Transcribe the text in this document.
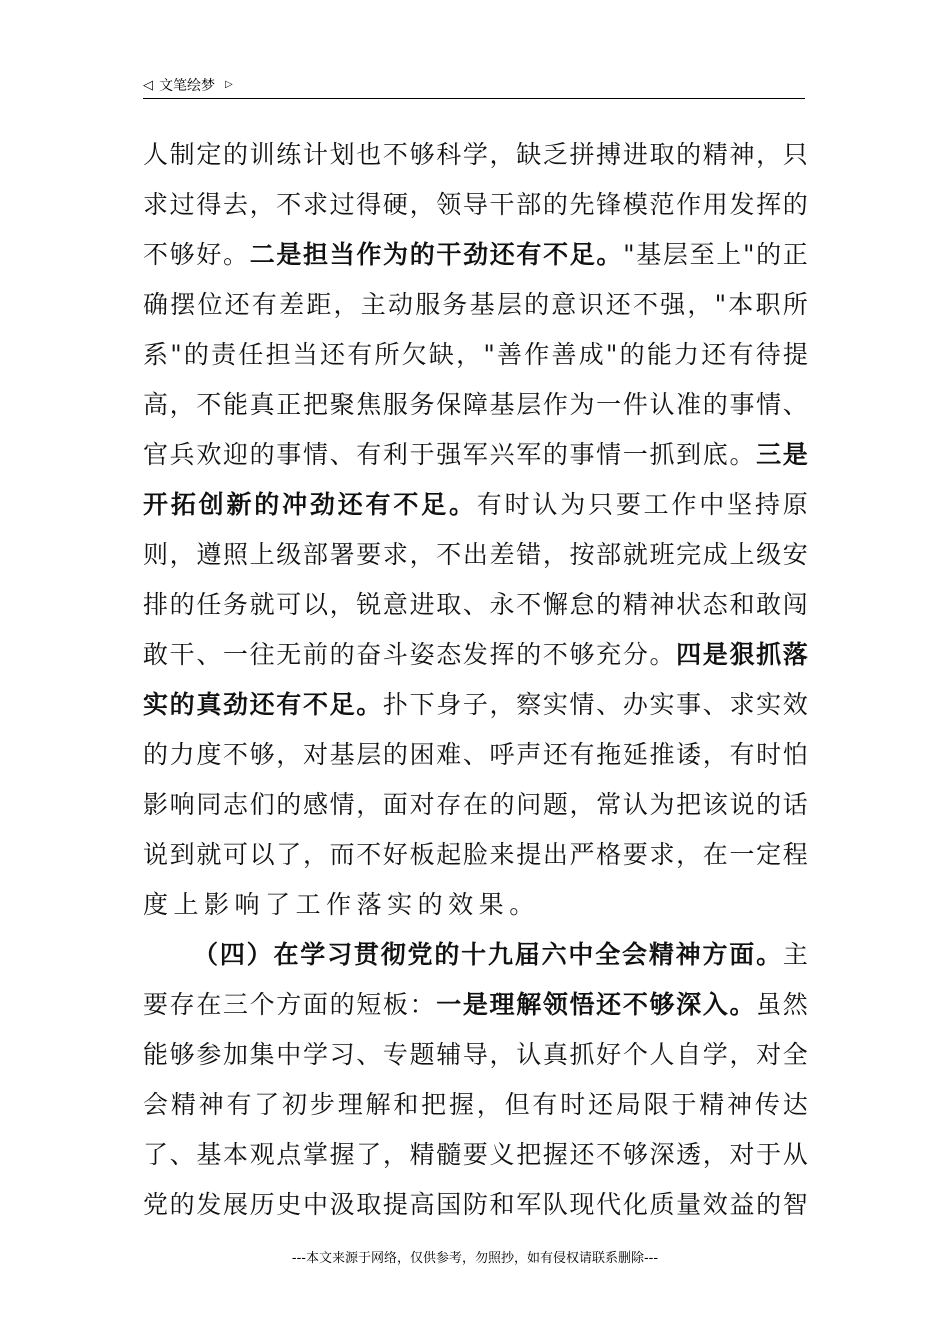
◁ 文笔绘梦 ▷
人 制 定 的 训 练 计 划 也 不 够 科 学 ， 缺 乏 拼 搏 进 取 的 精 神 ， 只
求 过 得 去 ， 不 求 过 得 硬 ， 领 导 干 部 的 先 锋 模 范 作 用 发 挥 的
不 够 好 。 二 是 担 当 作 为 的 干 劲 还 有 不 足 。 " 基 层 至 上 " 的 正
确 摆 位 还 有 差 距 ， 主 动 服 务 基 层 的 意 识 还 不 强 ， " 本 职 所
系 " 的 责 任 担 当 还 有 所 欠 缺 ， " 善 作 善 成 " 的 能 力 还 有 待 提
高 ， 不 能 真 正 把 聚 焦 服 务 保 障 基 层 作 为 一 件 认 准 的 事 情 、
官 兵 欢 迎 的 事 情 、 有 利 于 强 军 兴 军 的 事 情 一 抓 到 底 。 三 是
开 拓 创 新 的 冲 劲 还 有 不 足 。 有 时 认 为 只 要 工 作 中 坚 持 原
则 ， 遵 照 上 级 部 署 要 求 ， 不 出 差 错 ， 按 部 就 班 完 成 上 级 安
排 的 任 务 就 可 以 ， 锐 意 进 取 、 永 不 懈 怠 的 精 神 状 态 和 敢 闯
敢 干 、 一 往 无 前 的 奋 斗 姿 态 发 挥 的 不 够 充 分 。 四 是 狠 抓 落
实 的 真 劲 还 有 不 足 。 扑 下 身 子 ， 察 实 情 、 办 实 事 、 求 实 效
的 力 度 不 够 ， 对 基 层 的 困 难 、 呼 声 还 有 拖 延 推 诿 ， 有 时 怕
影 响 同 志 们 的 感 情 ， 面 对 存 在 的 问 题 ， 常 认 为 把 该 说 的 话
说 到 就 可 以 了 ， 而 不 好 板 起 脸 来 提 出 严 格 要 求 ， 在 一 定 程
度 上 影 响 了 工 作 落 实 的 效 果 。
（ 四 ） 在 学 习 贯 彻 党 的 十 九 届 六 中 全 会 精 神 方 面 。 主
要 存 在 三 个 方 面 的 短 板 ： 一 是 理 解 领 悟 还 不 够 深 入 。 虽 然
能 够 参 加 集 中 学 习 、 专 题 辅 导 ， 认 真 抓 好 个 人 自 学 ， 对 全
会 精 神 有 了 初 步 理 解 和 把 握 ， 但 有 时 还 局 限 于 精 神 传 达
了 、 基 本 观 点 掌 握 了 ， 精 髓 要 义 把 握 还 不 够 深 透 ， 对 于 从
党 的 发 展 历 史 中 汲 取 提 高 国 防 和 军 队 现 代 化 质 量 效 益 的 智
---本文来源于网络，仅供参考，勿照抄，如有侵权请联系删除---
